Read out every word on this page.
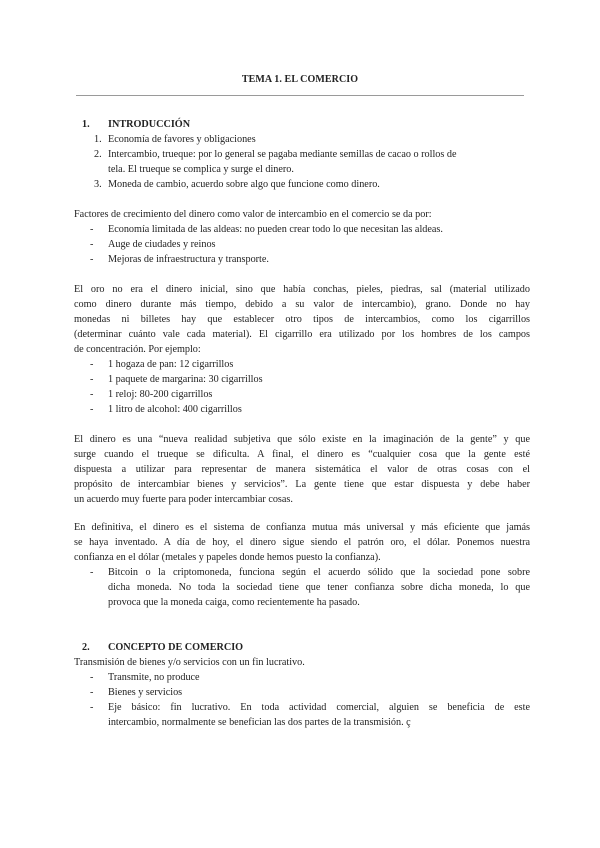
TEMA 1. EL COMERCIO
1. INTRODUCCIÓN
1. Economía de favores y obligaciones
2. Intercambio, trueque: por lo general se pagaba mediante semillas de cacao o rollos de
tela. El trueque se complica y surge el dinero.
3. Moneda de cambio, acuerdo sobre algo que funcione como dinero.
Factores de crecimiento del dinero como valor de intercambio en el comercio se da por:
- Economía limitada de las aldeas: no pueden crear todo lo que necesitan las aldeas.
- Auge de ciudades y reinos
- Mejoras de infraestructura y transporte.
El oro no era el dinero inicial, sino que había conchas, pieles, piedras, sal (material utilizado
como dinero durante más tiempo, debido a su valor de intercambio), grano. Donde no hay
monedas ni billetes hay que establecer otro tipos de intercambios, como los cigarrillos
(determinar cuánto vale cada material). El cigarrillo era utilizado por los hombres de los campos
de concentración. Por ejemplo:
- 1 hogaza de pan: 12 cigarrillos
- 1 paquete de margarina: 30 cigarrillos
- 1 reloj: 80-200 cigarrillos
- 1 litro de alcohol: 400 cigarrillos
El dinero es una “nueva realidad subjetiva que sólo existe en la imaginación de la gente” y que
surge cuando el trueque se dificulta. A final, el dinero es “cualquier cosa que la gente esté
dispuesta a utilizar para representar de manera sistemática el valor de otras cosas con el
propósito de intercambiar bienes y servicios”. La gente tiene que estar dispuesta y debe haber
un acuerdo muy fuerte para poder intercambiar cosas.
En definitiva, el dinero es el sistema de confianza mutua más universal y más eficiente que jamás
se haya inventado. A día de hoy, el dinero sigue siendo el patrón oro, el dólar. Ponemos nuestra
confianza en el dólar (metales y papeles donde hemos puesto la confianza).
- Bitcoin o la criptomoneda, funciona según el acuerdo sólido que la sociedad pone sobre
dicha moneda. No toda la sociedad tiene que tener confianza sobre dicha moneda, lo que
provoca que la moneda caiga, como recientemente ha pasado.
2. CONCEPTO DE COMERCIO
Transmisión de bienes y/o servicios con un fin lucrativo.
- Transmite, no produce
- Bienes y servicios
- Eje básico: fin lucrativo. En toda actividad comercial, alguien se beneficia de este
intercambio, normalmente se benefician las dos partes de la transmisión. ç
